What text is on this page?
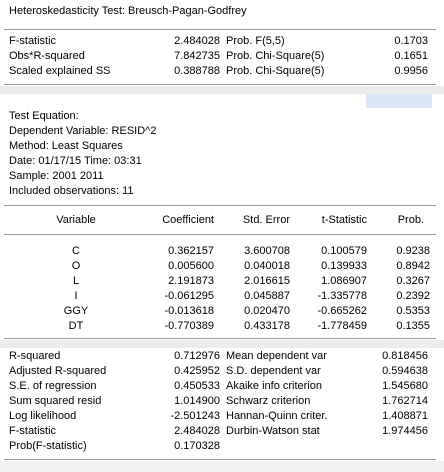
Heteroskedasticity Test: Breusch-Pagan-Godfrey
F-statistic	2.484028 Prob. F(5,5)	0.1703
Obs*R-squared	7.842735 Prob. Chi-Square(5)	0.1651
Scaled explained SS	0.388788 Prob. Chi-Square(5)	0.9956
Test Equation:
Dependent Variable: RESID^2
Method: Least Squares
Date: 01/17/15 Time: 03:31
Sample: 2001 2011
Included observations: 11
Variable	Coefficient	Std. Error	t-Statistic	Prob.
C	0.362157	3.600708	0.100579	0.9238
O	0.005600	0.040018	0.139933	0.8942
L	2.191873	2.016615	1.086907	0.3267
I	-0.061295	0.045887	-1.335778	0.2392
GGY	-0.013618	0.020470	-0.665262	0.5353
DT	-0.770389	0.433178	-1.778459	0.1355
R-squared	0.712976 Mean dependent var	0.818456
Adjusted R-squared	0.425952 S.D. dependent var	0.594638
S.E. of regression	0.450533 Akaike info criterion	1.545680
Sum squared resid	1.014900 Schwarz criterion	1.762714
Log likelihood	-2.501243 Hannan-Quinn criter.	1.408871
F-statistic	2.484028 Durbin-Watson stat	1.974456
Prob(F-statistic)	0.170328
